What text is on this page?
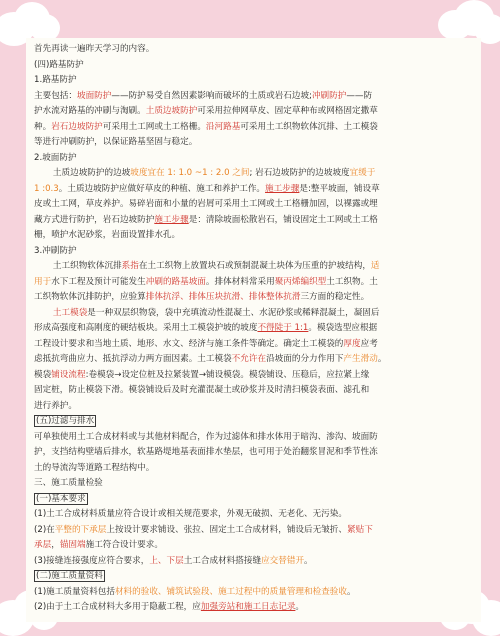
首先再读一遍昨天学习的内容。
(四)路基防护
1.路基防护
主要包括：坡面防护——防护易受自然因素影响而破坏的土质或岩石边坡;冲刷防护——防
护水流对路基的冲刷与淘刷。土质边坡防护可采用拉伸网草皮、固定草种布或网格固定撒草
种。岩石边坡防护可采用土工网或土工格栅。沿河路基可采用土工织物软体沉排、土工模袋
等进行冲刷防护，以保证路基坚固与稳定。
2.坡面防护
土质边坡防护的边坡坡度宜在 1: 1.0 ~1 : 2.0 之间; 岩石边坡防护的边坡坡度宜缓于
1 :0.3。土质边坡防护应做好草皮的种植、施工和养护工作。施工步骤是:整平坡面，铺设草
皮或土工网，草皮养护。易碎岩面和小量的岩屑可采用土工网或土工格栅加固，以裸露或埋
藏方式进行防护，岩石边坡防护施工步骤是：清除坡面松散岩石，铺设固定土工网或土工格
栅，喷护水泥砂浆，岩面设置排水孔。
3.冲刷防护
土工织物软体沉排系指在土工织物上放置块石或预制混凝土块体为压重的护坡结构，适
用于水下工程及预计可能发生冲刷的路基坡面。排体材料常采用聚丙烯编织型土工织物。土
工织物软体沉排防护，应验算排体抗浮、排体压块抗滑、排体整体抗滑三方面的稳定性。
土工模袋是一种双层织物袋，袋中充填流动性混凝土、水泥砂浆或稀释混凝土，凝固后
形成高强度和高刚度的硬结板块。采用土工模袋护坡的坡度不得陡于 1:1。模袋选型应根据
工程设计要求和当地土质、地形、水文、经济与施工条件等确定。确定土工模袋的厚度应考
虑抵抗弯曲应力、抵抗浮动力两方面因素。土工模袋不允许在沿坡面的分力作用下产生滑动。
模袋铺设流程:卷模袋→设定位桩及拉紧装置→铺设模袋。模袋铺设、压稳后，应拉紧上缘
固定桩，防止模袋下滑。模袋铺设后及时充灌混凝土或砂浆并及时清扫模袋表面、滤孔和
进行养护。
(五)过滤与排水
可单独使用土工合成材料或与其他材料配合，作为过滤体和排水体用于暗沟、渗沟、坡面防
护，支挡结构壁墙后排水，软基路堤地基表面排水垫层，也可用于处治翻浆冒泥和季节性冻
土的导流沟等道路工程结构中。
三、施工质量检验
(一)基本要求
(1)土工合成材料质量应符合设计或相关规范要求，外观无破损、无老化、无污染。
(2)在平整的下承层上按设计要求铺设、张拉、固定土工合成材料，铺设后无皱折、紧贴下
承层，锚固端施工符合设计要求。
(3)接缝连接强度应符合要求，上、下层土工合成材料搭接缝应交替错开。
(二)施工质量资料
(1)施工质量资料包括材料的验收、铺筑试验段、施工过程中的质量管理和检查验收。
(2)由于土工合成材料大多用于隐蔽工程，应加强旁站和施工日志记录。
